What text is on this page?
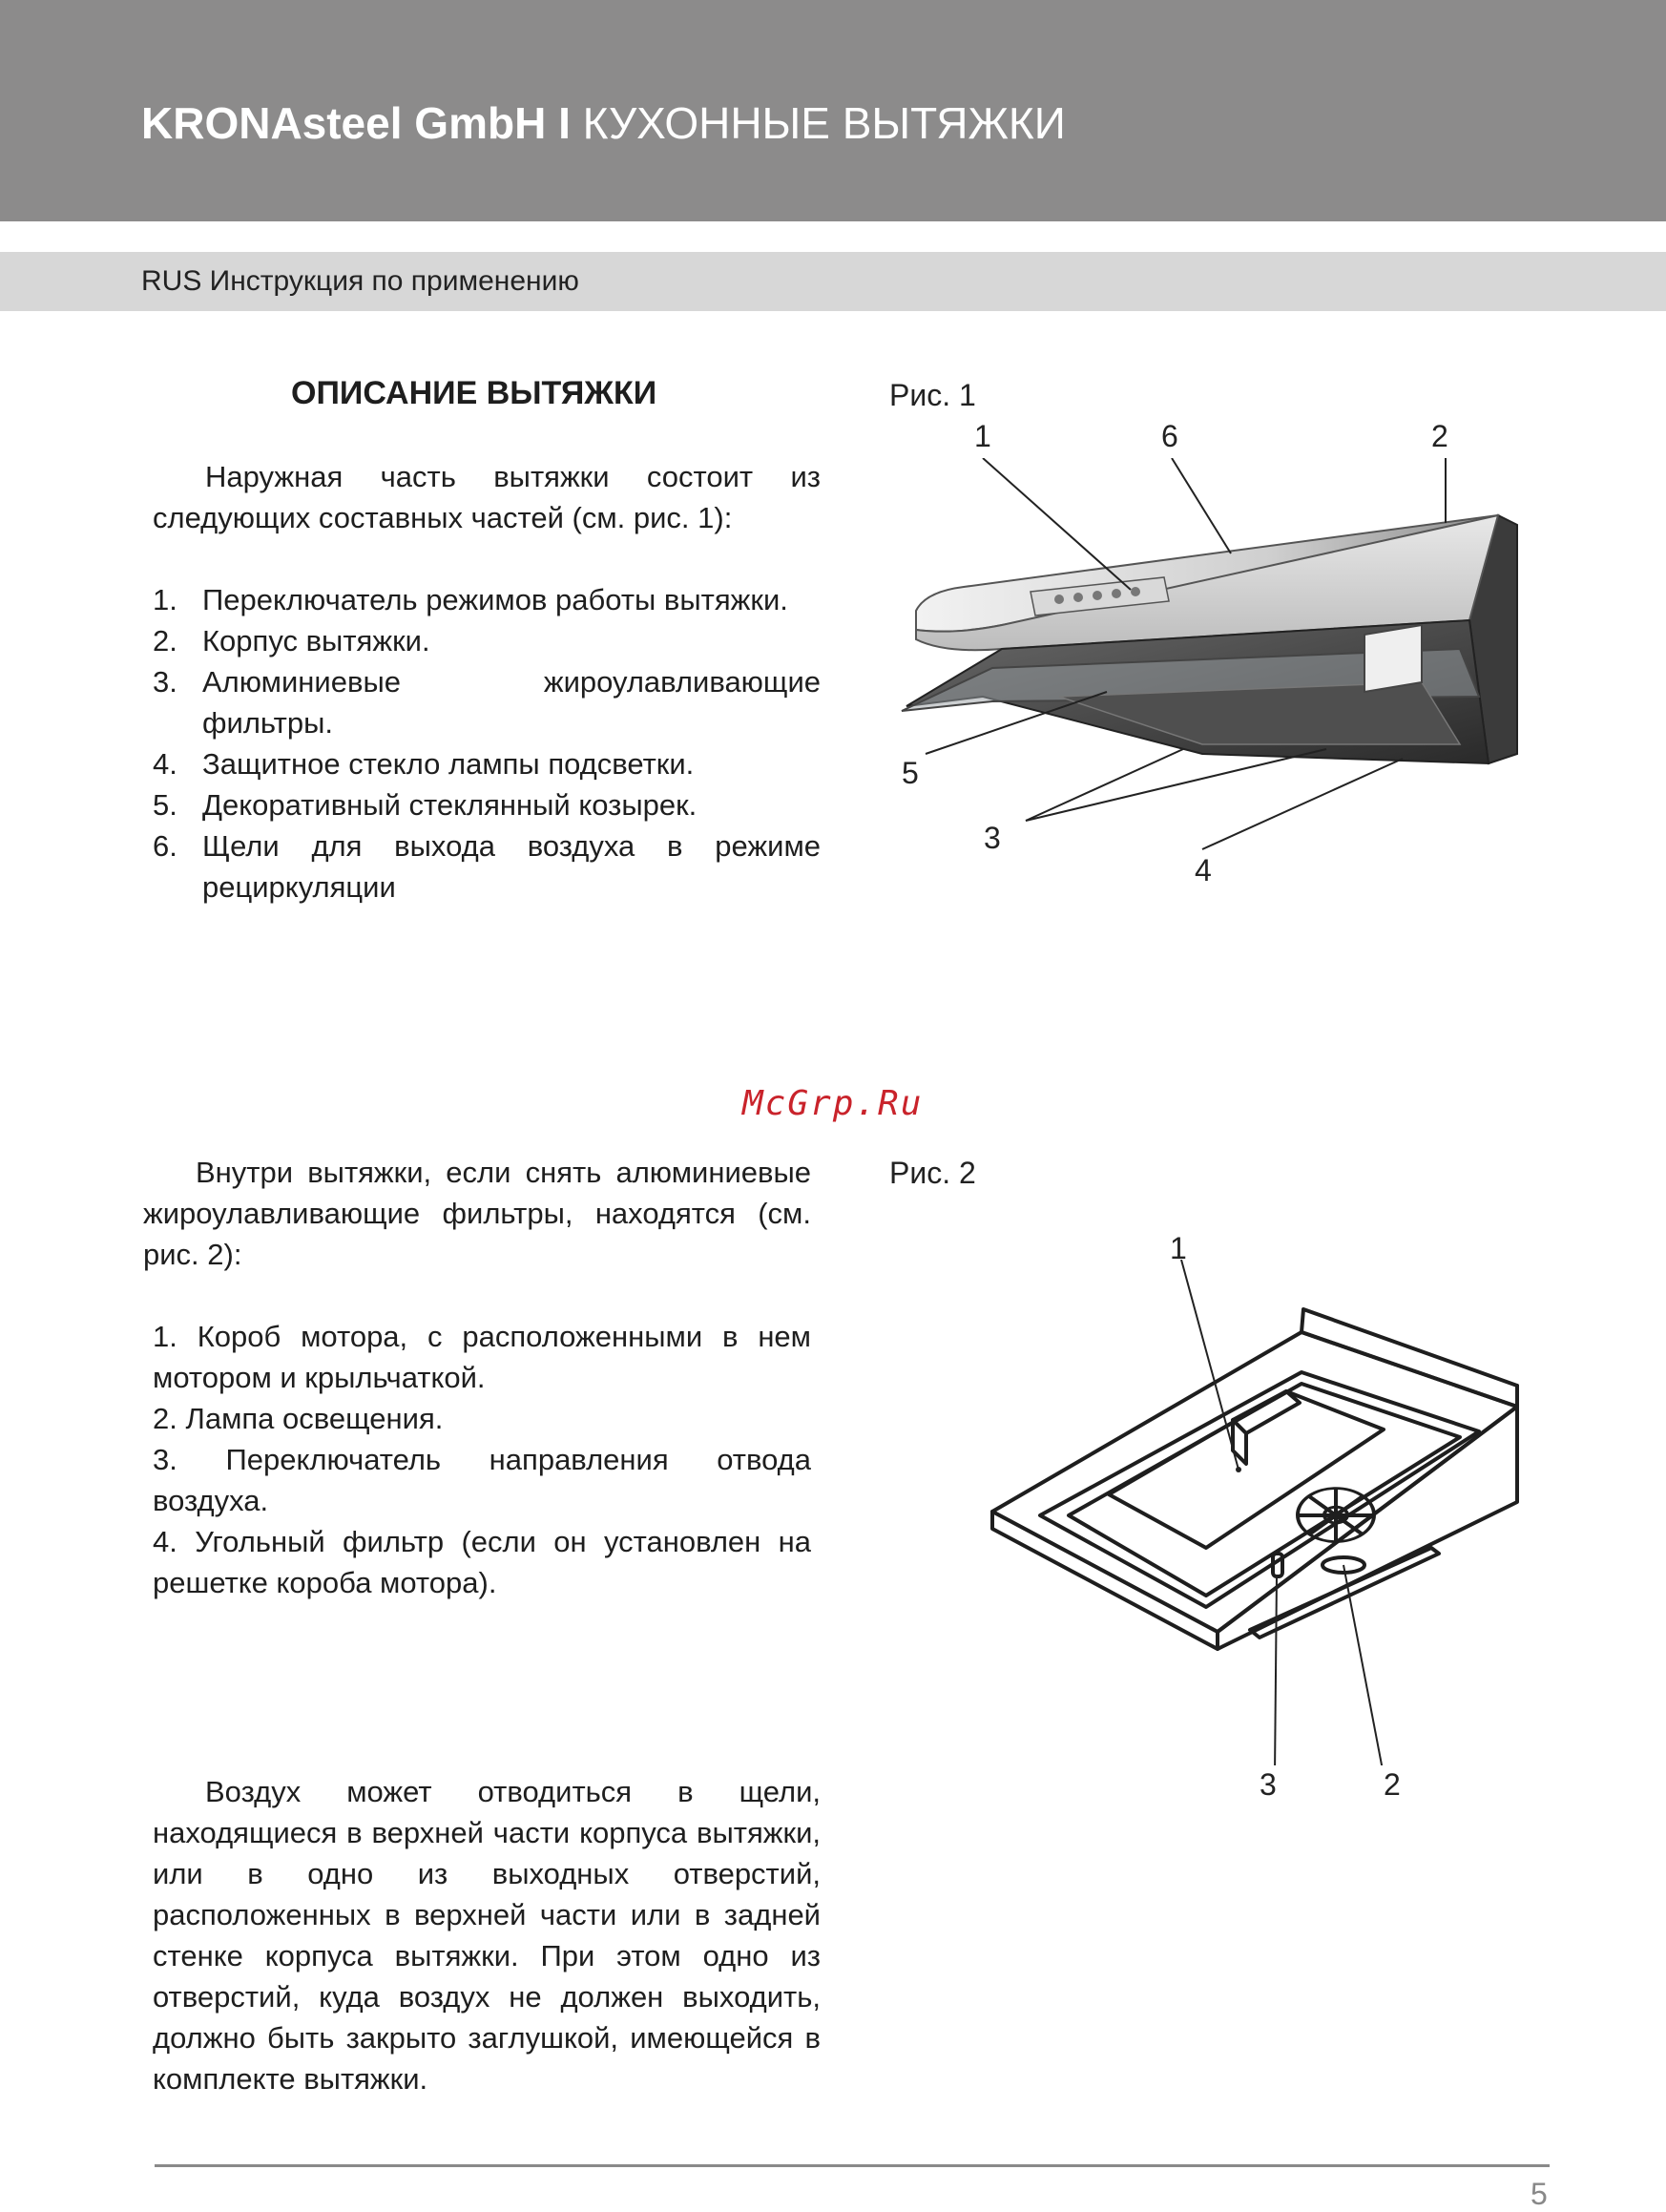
KRONAsteel GmbH I КУХОННЫЕ ВЫТЯЖКИ
RUS Инструкция по применению
ОПИСАНИЕ ВЫТЯЖКИ

Наружная часть вытяжки состоит из следующих составных частей (см. рис. 1):

1. Переключатель режимов работы вытяжки.
2. Корпус вытяжки.
3. Алюминиевые жироулавливающие фильтры.
4. Защитное стекло лампы подсветки.
5. Декоративный стеклянный козырек.
6. Щели для выхода воздуха в режиме рециркуляции
Рис. 1
1	6	2
5
3
4
McGrp.Ru

Внутри вытяжки, если снять алюминиевые жироулавливающие фильтры, находятся (см. рис. 2):

1. Короб мотора, с расположенными в нем мотором и крыльчаткой.
2. Лампа освещения.
3. Переключатель направления отвода воздуха.
4. Угольный фильтр (если он установлен на решетке короба мотора).
Рис. 2
1
3	2

Воздух может отводиться в щели, находящиеся в верхней части корпуса вытяжки, или в одно из выходных отверстий, расположенных в верхней части или в задней стенке корпуса вытяжки. При этом одно из отверстий, куда воздух не должен выходить, должно быть закрыто заглушкой, имеющейся в комплекте вытяжки.

5
